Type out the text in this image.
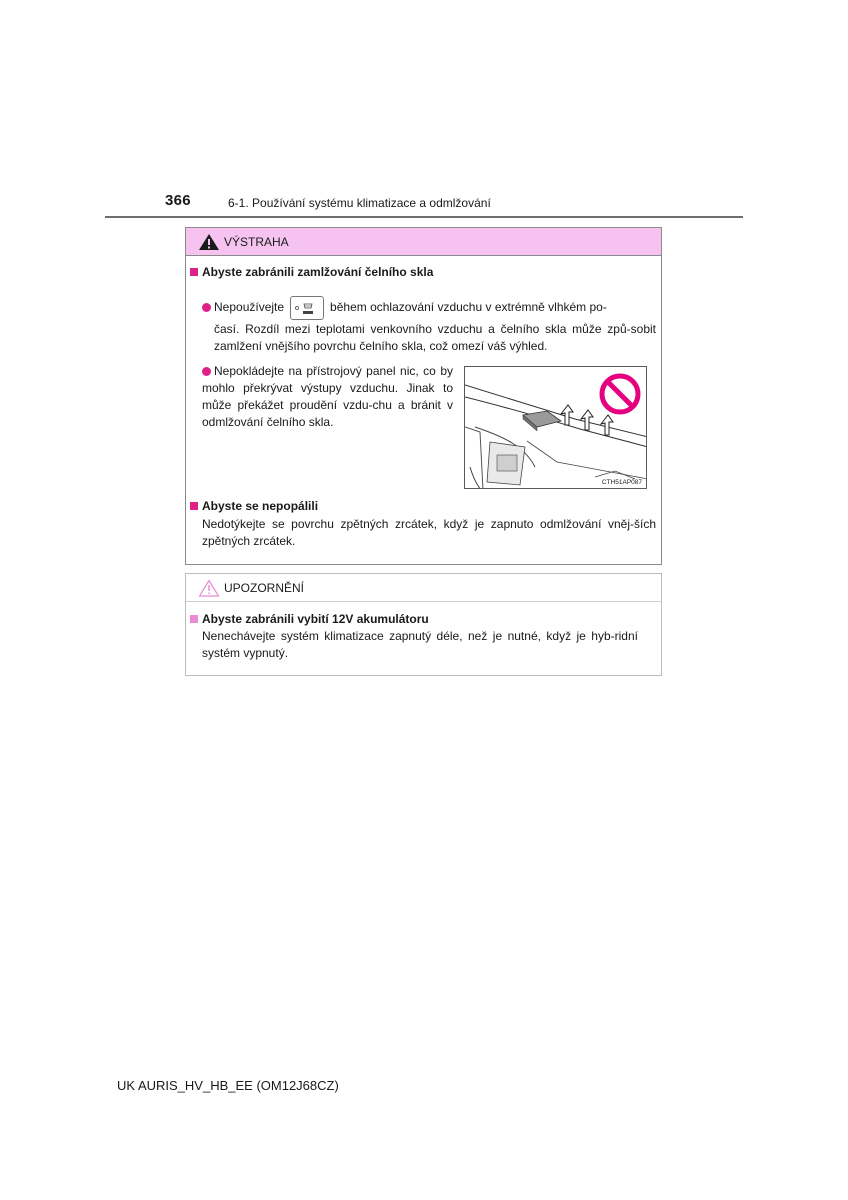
366	6-1. Používání systému klimatizace a odmlžování
VÝSTRAHA
Abyste zabránili zamlžování čelního skla
Nepoužívejte	během ochlazování vzduchu v extrémně vlhkém po-
časí. Rozdíl mezi teplotami venkovního vzduchu a čelního skla může způ-sobit zamlžení vnějšího povrchu čelního skla, což omezí váš výhled.
Nepokládejte na přístrojový panel nic, co by mohlo překrývat výstupy vzduchu. Jinak to může překážet proudění vzdu-chu a bránit v odmlžování čelního skla.
CTH51AP087
Abyste se nepopálili
Nedotýkejte se povrchu zpětných zrcátek, když je zapnuto odmlžování vněj-ších zpětných zrcátek.
UPOZORNĚNÍ
Abyste zabránili vybití 12V akumulátoru
Nenechávejte systém klimatizace zapnutý déle, než je nutné, když je hyb-ridní systém vypnutý.
UK AURIS_HV_HB_EE (OM12J68CZ)
